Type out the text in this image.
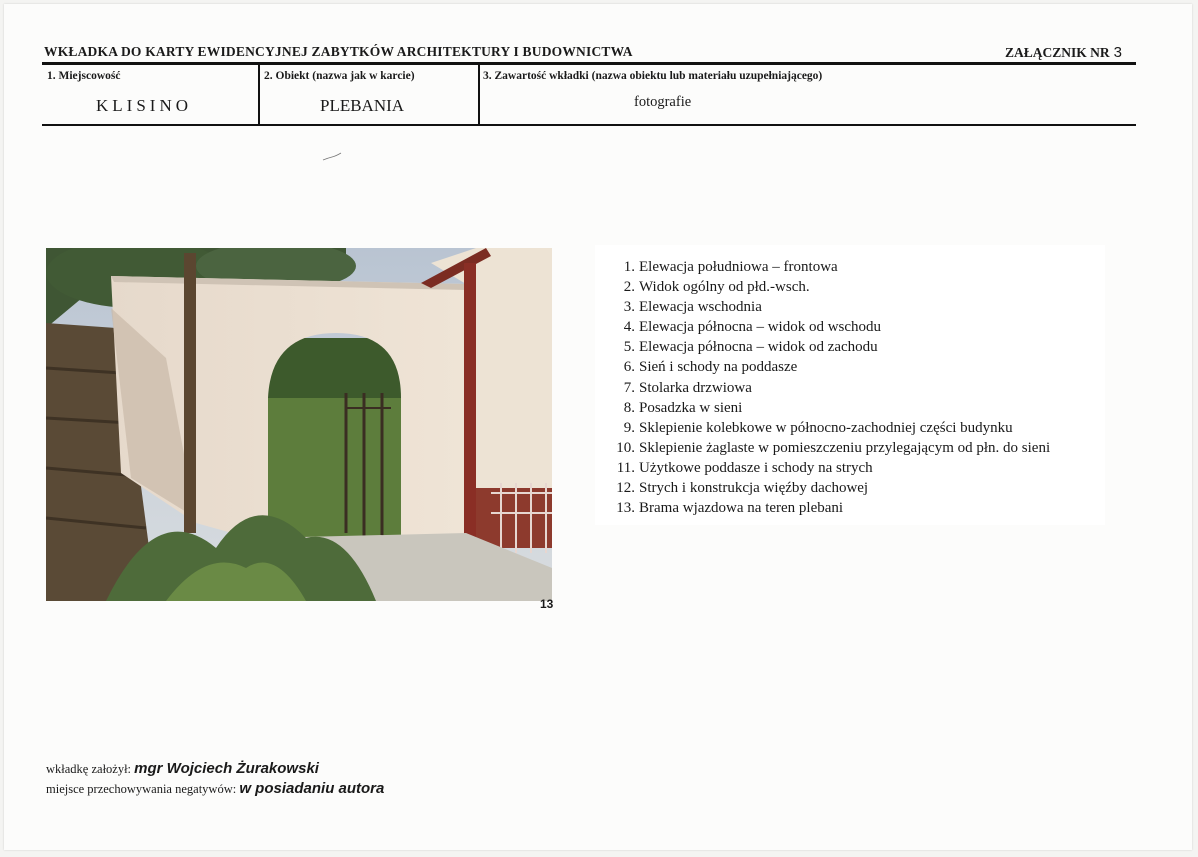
WKŁADKA DO KARTY EWIDENCYJNEJ ZABYTKÓW ARCHITEKTURY I BUDOWNICTWA	ZAŁĄCZNIK NR 3
1. Miejscowość
KLISINO
2. Obiekt (nazwa jak w karcie)
PLEBANIA
3. Zawartość wkładki (nazwa obiektu lub materiału uzupełniającego)
fotografie
13
1. Elewacja południowa – frontowa
2. Widok ogólny od płd.-wsch.
3. Elewacja wschodnia
4. Elewacja północna – widok od wschodu
5. Elewacja północna – widok od zachodu
6. Sień i schody na poddasze
7. Stolarka drzwiowa
8. Posadzka w sieni
9. Sklepienie kolebkowe w północno-zachodniej części budynku
10. Sklepienie żaglaste w pomieszczeniu przylegającym od płn. do sieni
11. Użytkowe poddasze i schody na strych
12. Strych i konstrukcja więźby dachowej
13. Brama wjazdowa na teren plebani
wkładkę założył: mgr Wojciech Żurakowski
miejsce przechowywania negatywów: w posiadaniu autora
